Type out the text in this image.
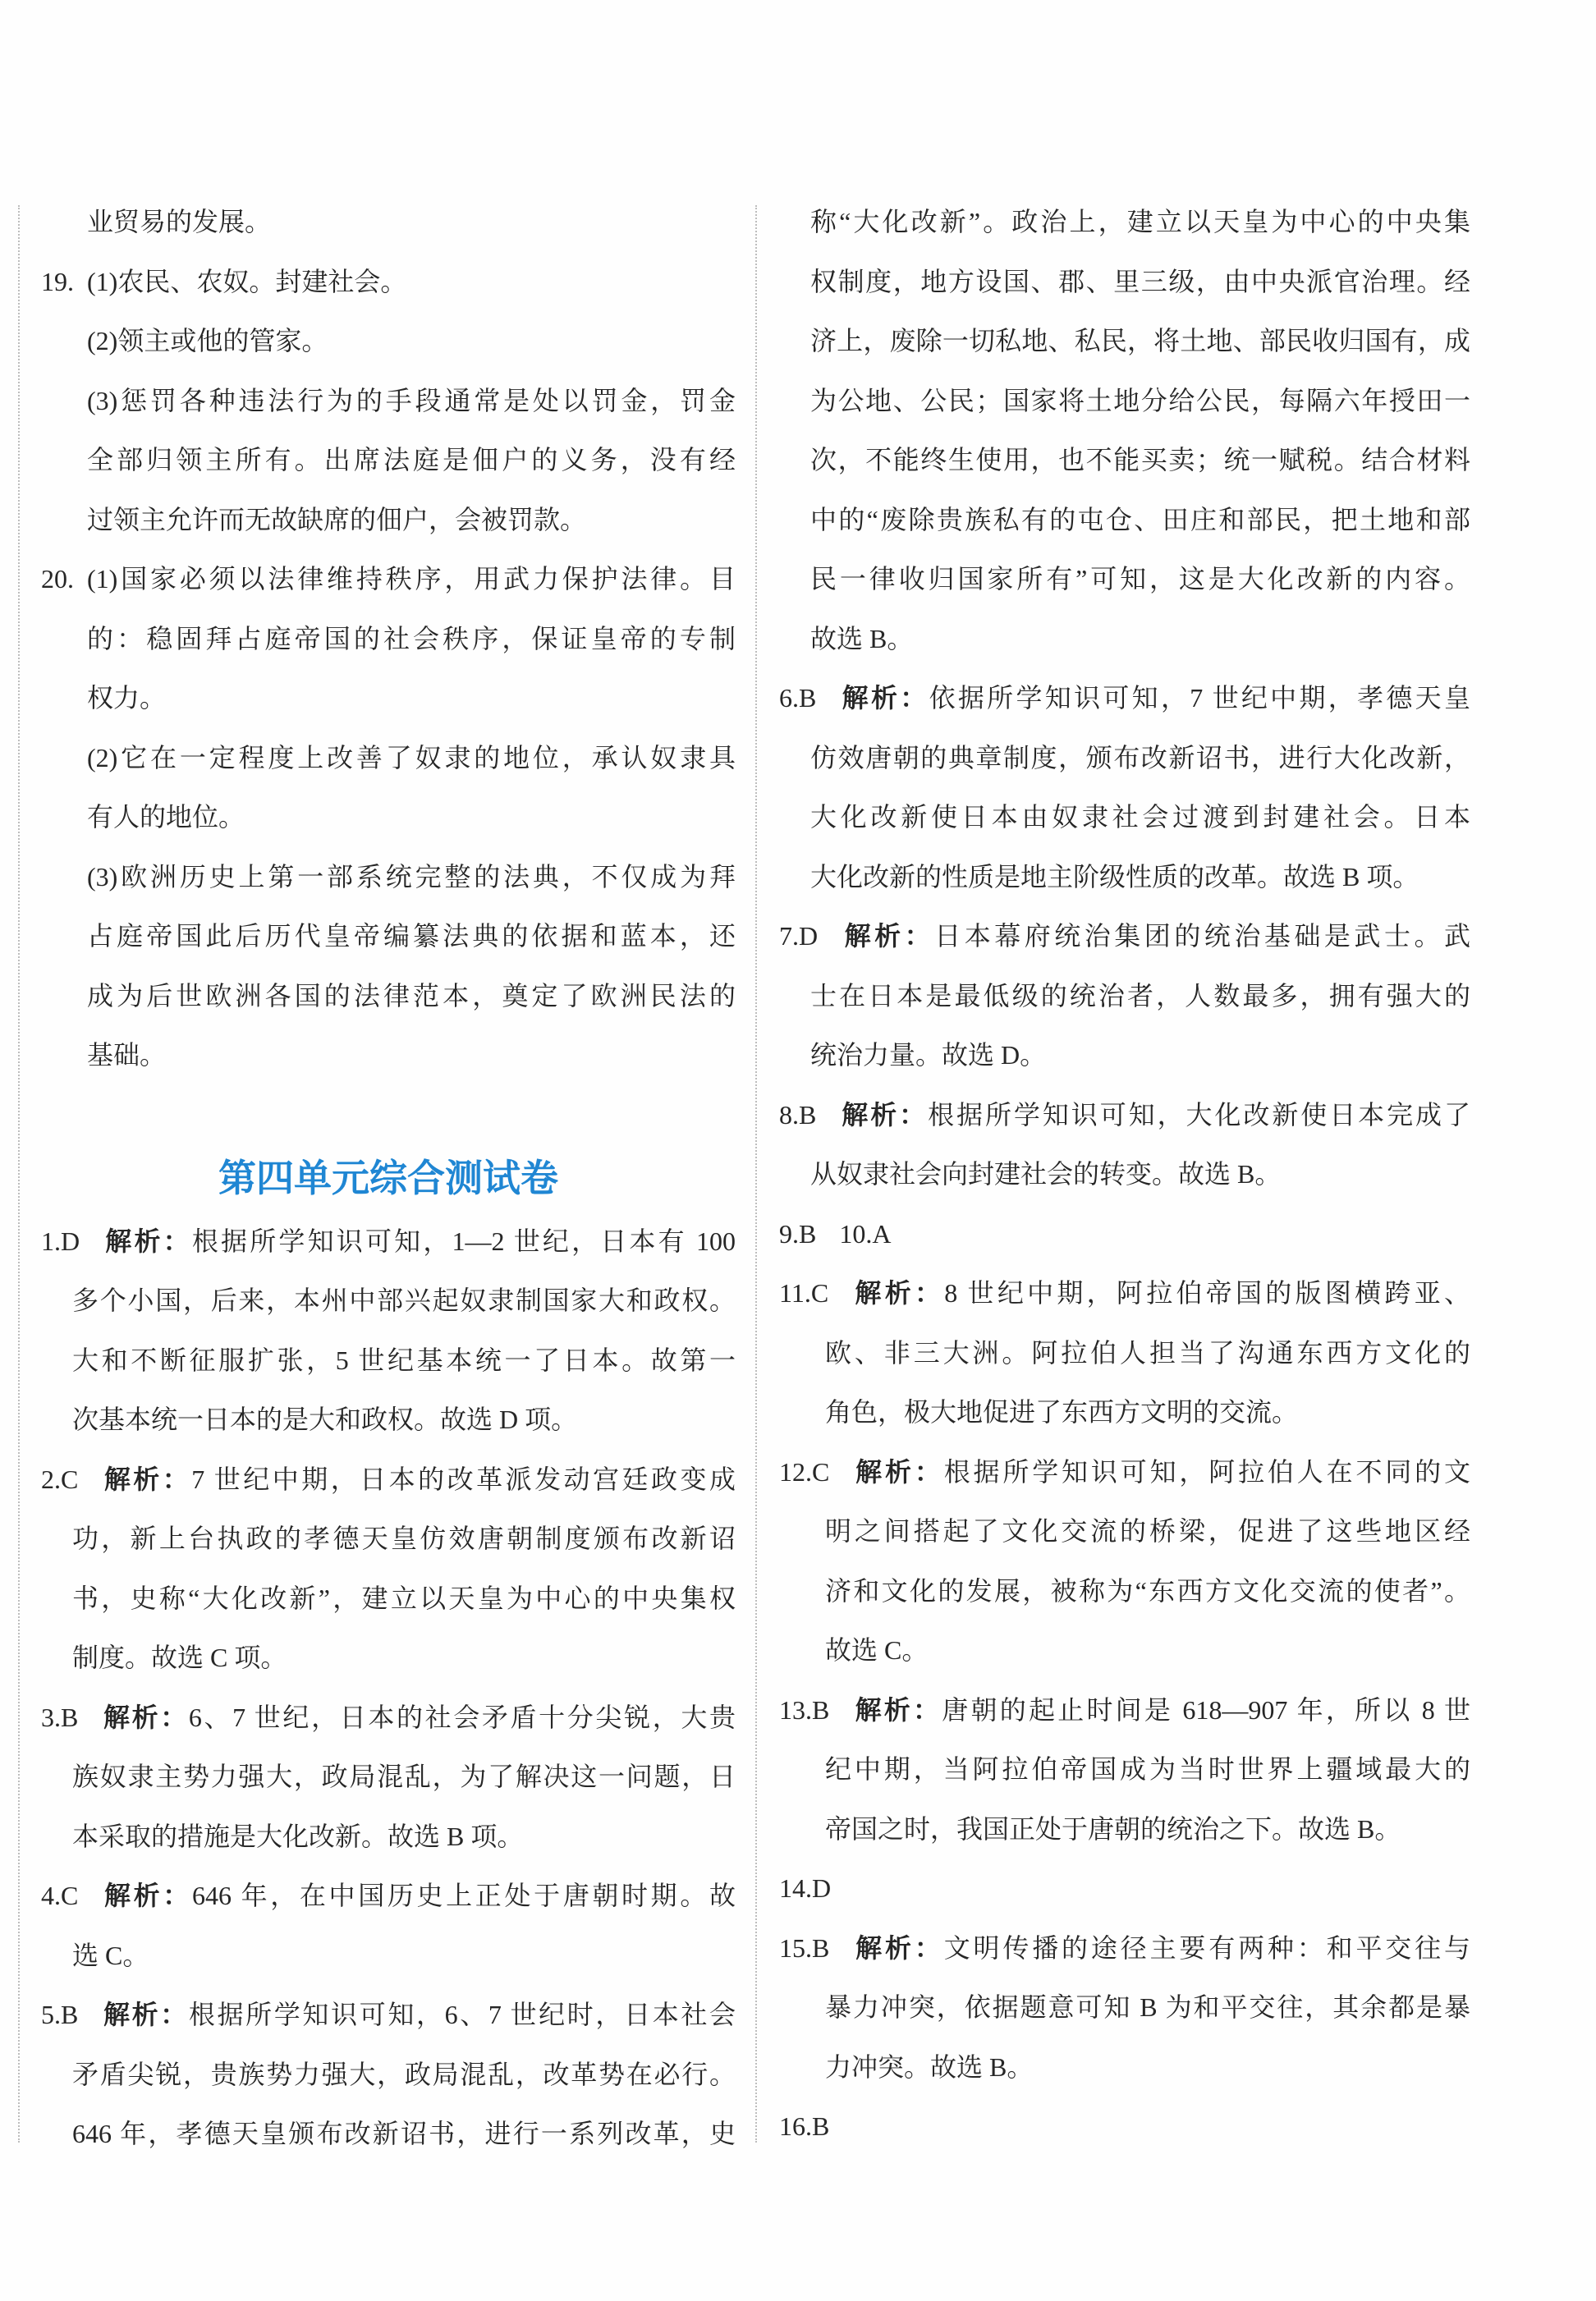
业贸易的发展。
19. (1)农民、农奴。封建社会。
(2)领主或他的管家。
(3)惩罚各种违法行为的手段通常是处以罚金，罚金
全部归领主所有。出席法庭是佃户的义务，没有经
过领主允许而无故缺席的佃户，会被罚款。
20. (1)国家必须以法律维持秩序，用武力保护法律。目
的：稳固拜占庭帝国的社会秩序，保证皇帝的专制
权力。
(2)它在一定程度上改善了奴隶的地位，承认奴隶具
有人的地位。
(3)欧洲历史上第一部系统完整的法典，不仅成为拜
占庭帝国此后历代皇帝编纂法典的依据和蓝本，还
成为后世欧洲各国的法律范本，奠定了欧洲民法的
基础。
第四单元综合测试卷
1.D 解析：根据所学知识可知，1—2 世纪，日本有 100
多个小国，后来，本州中部兴起奴隶制国家大和政权。
大和不断征服扩张，5 世纪基本统一了日本。故第一
次基本统一日本的是大和政权。故选 D 项。
2.C 解析：7 世纪中期，日本的改革派发动宫廷政变成
功，新上台执政的孝德天皇仿效唐朝制度颁布改新诏
书，史称“大化改新”，建立以天皇为中心的中央集权
制度。故选 C 项。
3.B 解析：6、7 世纪，日本的社会矛盾十分尖锐，大贵
族奴隶主势力强大，政局混乱，为了解决这一问题，日
本采取的措施是大化改新。故选 B 项。
4.C 解析：646 年，在中国历史上正处于唐朝时期。故
选 C。
5.B 解析：根据所学知识可知，6、7 世纪时，日本社会
矛盾尖锐，贵族势力强大，政局混乱，改革势在必行。
646 年，孝德天皇颁布改新诏书，进行一系列改革，史
称“大化改新”。政治上，建立以天皇为中心的中央集
权制度，地方设国、郡、里三级，由中央派官治理。经
济上，废除一切私地、私民，将土地、部民收归国有，成
为公地、公民；国家将土地分给公民，每隔六年授田一
次，不能终生使用，也不能买卖；统一赋税。结合材料
中的“废除贵族私有的屯仓、田庄和部民，把土地和部
民一律收归国家所有”可知，这是大化改新的内容。
故选 B。
6.B 解析：依据所学知识可知，7 世纪中期，孝德天皇
仿效唐朝的典章制度，颁布改新诏书，进行大化改新，
大化改新使日本由奴隶社会过渡到封建社会。日本
大化改新的性质是地主阶级性质的改革。故选 B 项。
7.D 解析：日本幕府统治集团的统治基础是武士。武
士在日本是最低级的统治者，人数最多，拥有强大的
统治力量。故选 D。
8.B 解析：根据所学知识可知，大化改新使日本完成了
从奴隶社会向封建社会的转变。故选 B。
9.B 10.A
11.C 解析：8 世纪中期，阿拉伯帝国的版图横跨亚、
欧、非三大洲。阿拉伯人担当了沟通东西方文化的
角色，极大地促进了东西方文明的交流。
12.C 解析：根据所学知识可知，阿拉伯人在不同的文
明之间搭起了文化交流的桥梁，促进了这些地区经
济和文化的发展，被称为“东西方文化交流的使者”。
故选 C。
13.B 解析：唐朝的起止时间是 618—907 年，所以 8 世
纪中期，当阿拉伯帝国成为当时世界上疆域最大的
帝国之时，我国正处于唐朝的统治之下。故选 B。
14.D
15.B 解析：文明传播的途径主要有两种：和平交往与
暴力冲突，依据题意可知 B 为和平交往，其余都是暴
力冲突。故选 B。
16.B
